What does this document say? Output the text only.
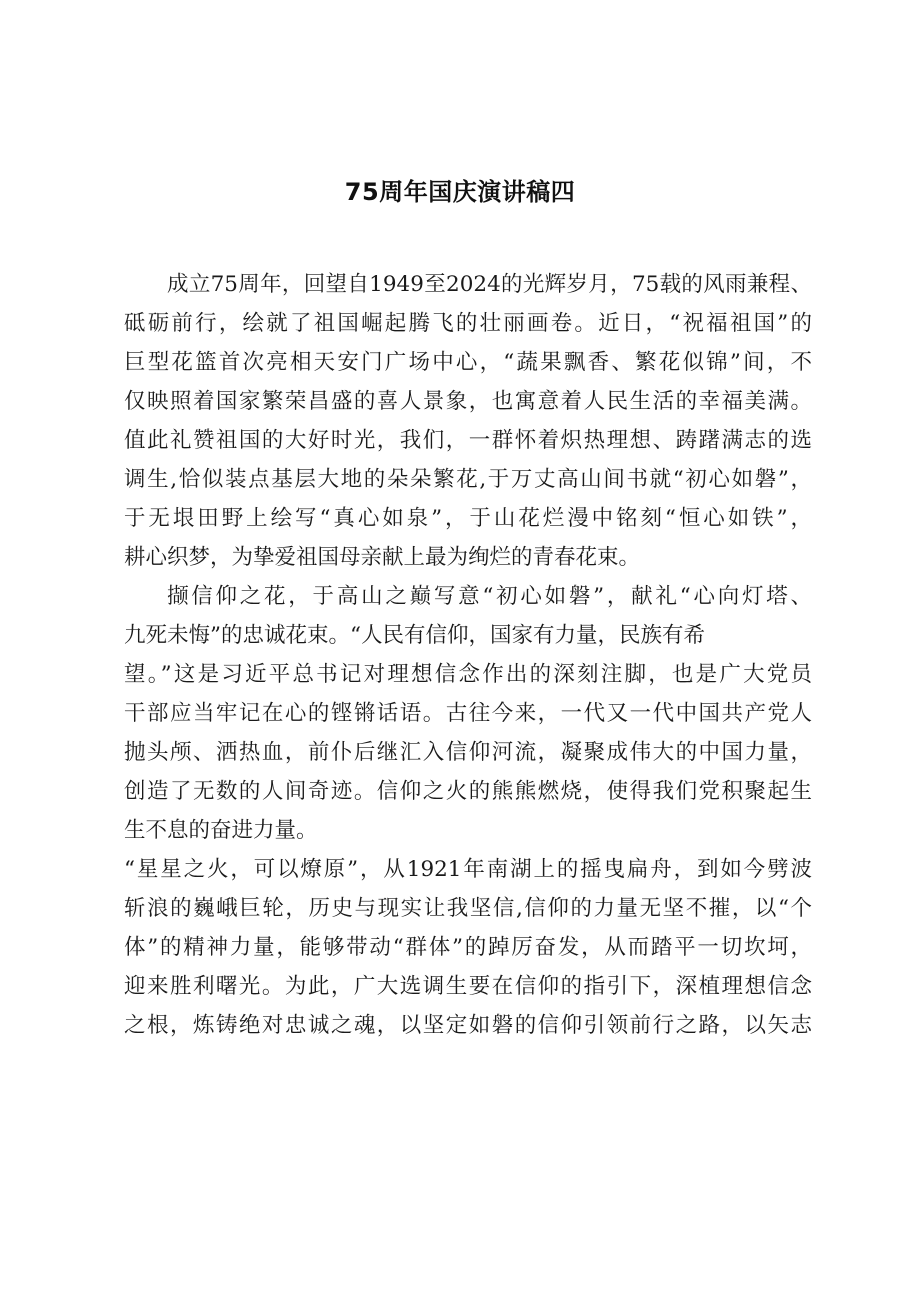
75周年国庆演讲稿四
成立75周年，回望自1949至2024的光辉岁月，75载的风雨兼程、
砥砺前行，绘就了祖国崛起腾飞的壮丽画卷。近日，“祝福祖国”的
巨型花篮首次亮相天安门广场中心，“蔬果飘香、繁花似锦”间，不
仅映照着国家繁荣昌盛的喜人景象，也寓意着人民生活的幸福美满。
值此礼赞祖国的大好时光，我们，一群怀着炽热理想、踌躇满志的选
调生,恰似装点基层大地的朵朵繁花,于万丈高山间书就“初心如磐”，
于无垠田野上绘写“真心如泉”，于山花烂漫中铭刻“恒心如铁”，
耕心织梦，为挚爱祖国母亲献上最为绚烂的青春花束。
撷信仰之花，于高山之巅写意“初心如磐”，献礼“心向灯塔、
九死未悔”的忠诚花束。“人民有信仰，国家有力量，民族有希
望。”这是习近平总书记对理想信念作出的深刻注脚，也是广大党员
干部应当牢记在心的铿锵话语。古往今来，一代又一代中国共产党人
抛头颅、洒热血，前仆后继汇入信仰河流，凝聚成伟大的中国力量，
创造了无数的人间奇迹。信仰之火的熊熊燃烧，使得我们党积聚起生
生不息的奋进力量。
“星星之火，可以燎原”，从1921年南湖上的摇曳扁舟，到如今劈波
斩浪的巍峨巨轮，历史与现实让我坚信,信仰的力量无坚不摧，以“个
体”的精神力量，能够带动“群体”的踔厉奋发，从而踏平一切坎坷，
迎来胜利曙光。为此，广大选调生要在信仰的指引下，深植理想信念
之根，炼铸绝对忠诚之魂，以坚定如磐的信仰引领前行之路，以矢志
